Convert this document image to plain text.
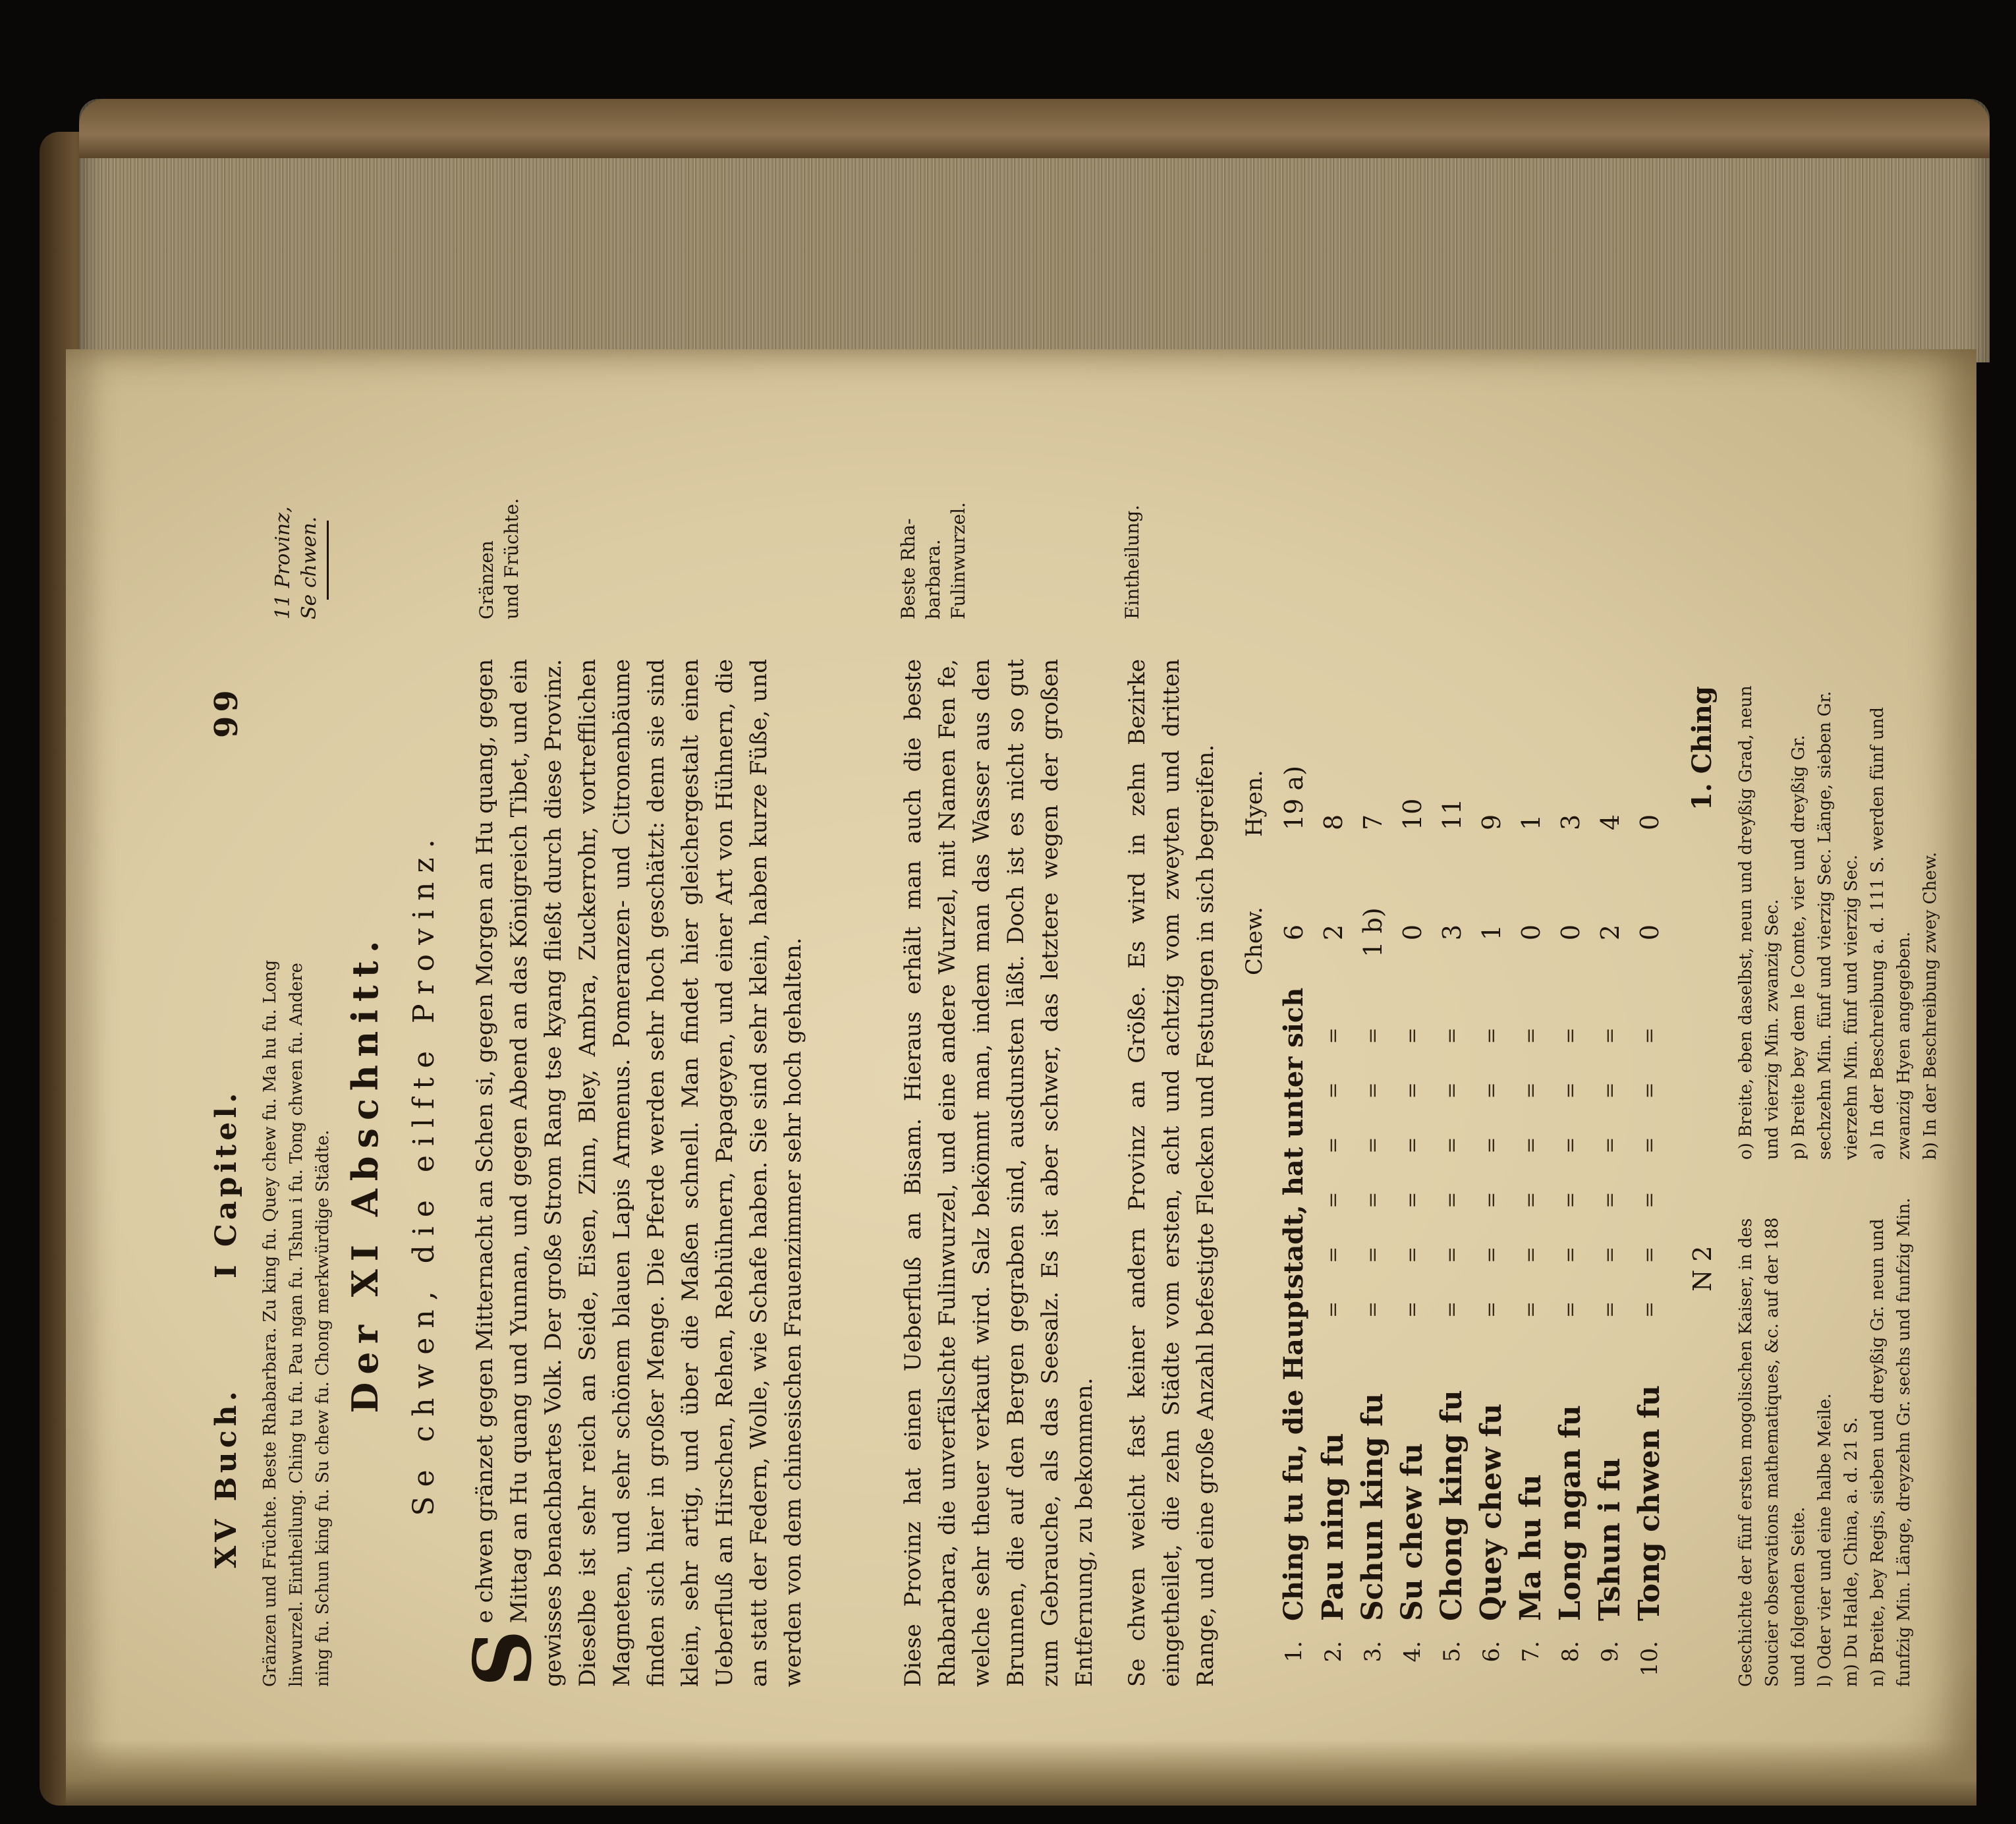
XV Buch.
I Capitel.
99
11 Provinz, Se chwen.
Gränzen und Früchte. Beste Rhabarbara. Zu king fu. Quey chew fu. Ma hu fu. Long linwurzel. Eintheilung. Ching tu fu. Pau ngan fu. Tshun i fu. Tong chwen fu. Andere ning fu. Schun king fu. Su chew fu. Chong merkwürdige Städte. Der XI Abschnitt. Se chwen, die eilfte Provinz.
S
e chwen gränzet gegen Mitternacht an Schen si, gegen Morgen an Hu quang, gegen Mittag an Hu quang und Yunnan, und gegen Abend an das Königreich Tibet, und ein gewisses benachbartes Volk. Der große Strom Rang tse kyang fließt durch diese Provinz. Dieselbe ist sehr reich an Seide, Eisen, Zinn, Bley, Ambra, Zuckerrohr, vortrefflichen Magneten, und sehr schönem blauen Lapis Armenus. Pomeranzen- und Citronenbäume finden sich hier in großer Menge. Die Pferde werden sehr hoch geschätzt: denn sie sind klein, sehr artig, und über die Maßen schnell. Man findet hier gleichergestalt einen Ueberfluß an Hirschen, Rehen, Rebhühnern, Papageyen, und einer Art von Hühnern, die an statt der Federn, Wolle, wie Schafe haben. Sie sind sehr klein, haben kurze Füße, und werden von dem chinesischen Frauenzimmer sehr hoch gehalten.
Gränzen und Früchte.
Diese Provinz hat einen Ueberfluß an Bisam. Hieraus erhält man auch die beste Rhabarbara, die unverfälschte Fulinwurzel, und eine andere Wurzel, mit Namen Fen fe, welche sehr theuer verkauft wird. Salz bekömmt man, indem man das Wasser aus den Brunnen, die auf den Bergen gegraben sind, ausdunsten läßt. Doch ist es nicht so gut zum Gebrauche, als das Seesalz. Es ist aber schwer, das letztere wegen der großen Entfernung, zu bekommen.
Beste Rha- barbara. Fulinwurzel.
Se chwen weicht fast keiner andern Provinz an Größe. Es wird in zehn Bezirke eingetheilet, die zehn Städte vom ersten, acht und achtzig vom zweyten und dritten Range, und eine große Anzahl befestigte Flecken und Festungen in sich begreifen.
Eintheilung.
Chew.
Hyen.
1.
Ching tu fu, die Hauptstadt, hat unter sich
6
19 a)
2.
Pau ning fu
======
2
8
3.
Schun king fu
======
1 b)
7
4.
Su chew fu
======
0
10
5.
Chong king fu
======
3
11
6.
Quey chew fu
======
1
9
7.
Ma hu fu
======
0
1
8.
Long ngan fu
======
0
3
9.
Tshun i fu
======
2
4
10.
Tong chwen fu
======
0
0
N 2
1. Ching

Geschichte der fünf ersten mogolischen Kaiser, in des Soucier observations mathematiques, &c. auf der 188 und folgenden Seite. l) Oder vier und eine halbe Meile. m) Du Halde, China, a. d. 21 S. n) Breite, bey Regis, sieben und dreyßig Gr. neun und funfzig Min. Länge, dreyzehn Gr. sechs und funfzig Min.

o) Breite, eben daselbst, neun und dreyßig Grad, neun und vierzig Min. zwanzig Sec. p) Breite bey dem le Comte, vier und dreyßig Gr. sechzehn Min. fünf und vierzig Sec. Länge, sieben Gr. vierzehn Min. fünf und vierzig Sec. a) In der Beschreibung a. d. 111 S. werden fünf und zwanzig Hyen angegeben. b) In der Beschreibung zwey Chew.
